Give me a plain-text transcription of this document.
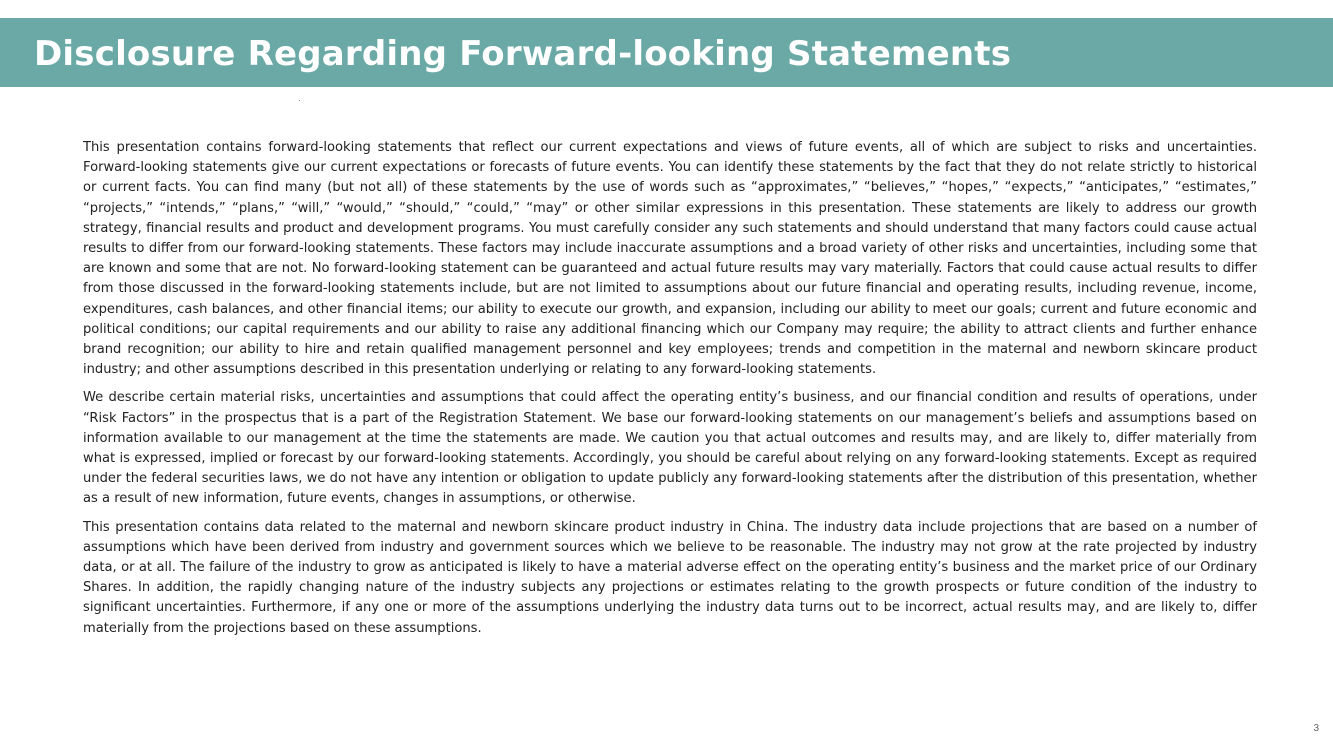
Disclosure Regarding Forward-looking Statements

This presentation contains forward-looking statements that reflect our current expectations and views of future events, all of which are subject to risks and uncertainties. Forward-looking statements give our current expectations or forecasts of future events. You can identify these statements by the fact that they do not relate strictly to historical or current facts. You can find many (but not all) of these statements by the use of words such as “approximates,” “believes,” “hopes,” “expects,” “anticipates,” “estimates,” “projects,” “intends,” “plans,” “will,” “would,” “should,” “could,” “may” or other similar expressions in this presentation. These statements are likely to address our growth strategy, financial results and product and development programs. You must carefully consider any such statements and should understand that many factors could cause actual results to differ from our forward-looking statements. These factors may include inaccurate assumptions and a broad variety of other risks and uncertainties, including some that are known and some that are not. No forward-looking statement can be guaranteed and actual future results may vary materially. Factors that could cause actual results to differ from those discussed in the forward-looking statements include, but are not limited to assumptions about our future financial and operating results, including revenue, income, expenditures, cash balances, and other financial items; our ability to execute our growth, and expansion, including our ability to meet our goals; current and future economic and political conditions; our capital requirements and our ability to raise any additional financing which our Company may require; the ability to attract clients and further enhance brand recognition; our ability to hire and retain qualified management personnel and key employees; trends and competition in the maternal and newborn skincare product industry; and other assumptions described in this presentation underlying or relating to any forward-looking statements.

We describe certain material risks, uncertainties and assumptions that could affect the operating entity’s business, and our financial condition and results of operations, under “Risk Factors” in the prospectus that is a part of the Registration Statement. We base our forward-looking statements on our management’s beliefs and assumptions based on information available to our management at the time the statements are made. We caution you that actual outcomes and results may, and are likely to, differ materially from what is expressed, implied or forecast by our forward-looking statements. Accordingly, you should be careful about relying on any forward-looking statements. Except as required under the federal securities laws, we do not have any intention or obligation to update publicly any forward-looking statements after the distribution of this presentation, whether as a result of new information, future events, changes in assumptions, or otherwise.

This presentation contains data related to the maternal and newborn skincare product industry in China. The industry data include projections that are based on a number of assumptions which have been derived from industry and government sources which we believe to be reasonable. The industry may not grow at the rate projected by industry data, or at all. The failure of the industry to grow as anticipated is likely to have a material adverse effect on the operating entity’s business and the market price of our Ordinary Shares. In addition, the rapidly changing nature of the industry subjects any projections or estimates relating to the growth prospects or future condition of the industry to significant uncertainties. Furthermore, if any one or more of the assumptions underlying the industry data turns out to be incorrect, actual results may, and are likely to, differ materially from the projections based on these assumptions.

3
